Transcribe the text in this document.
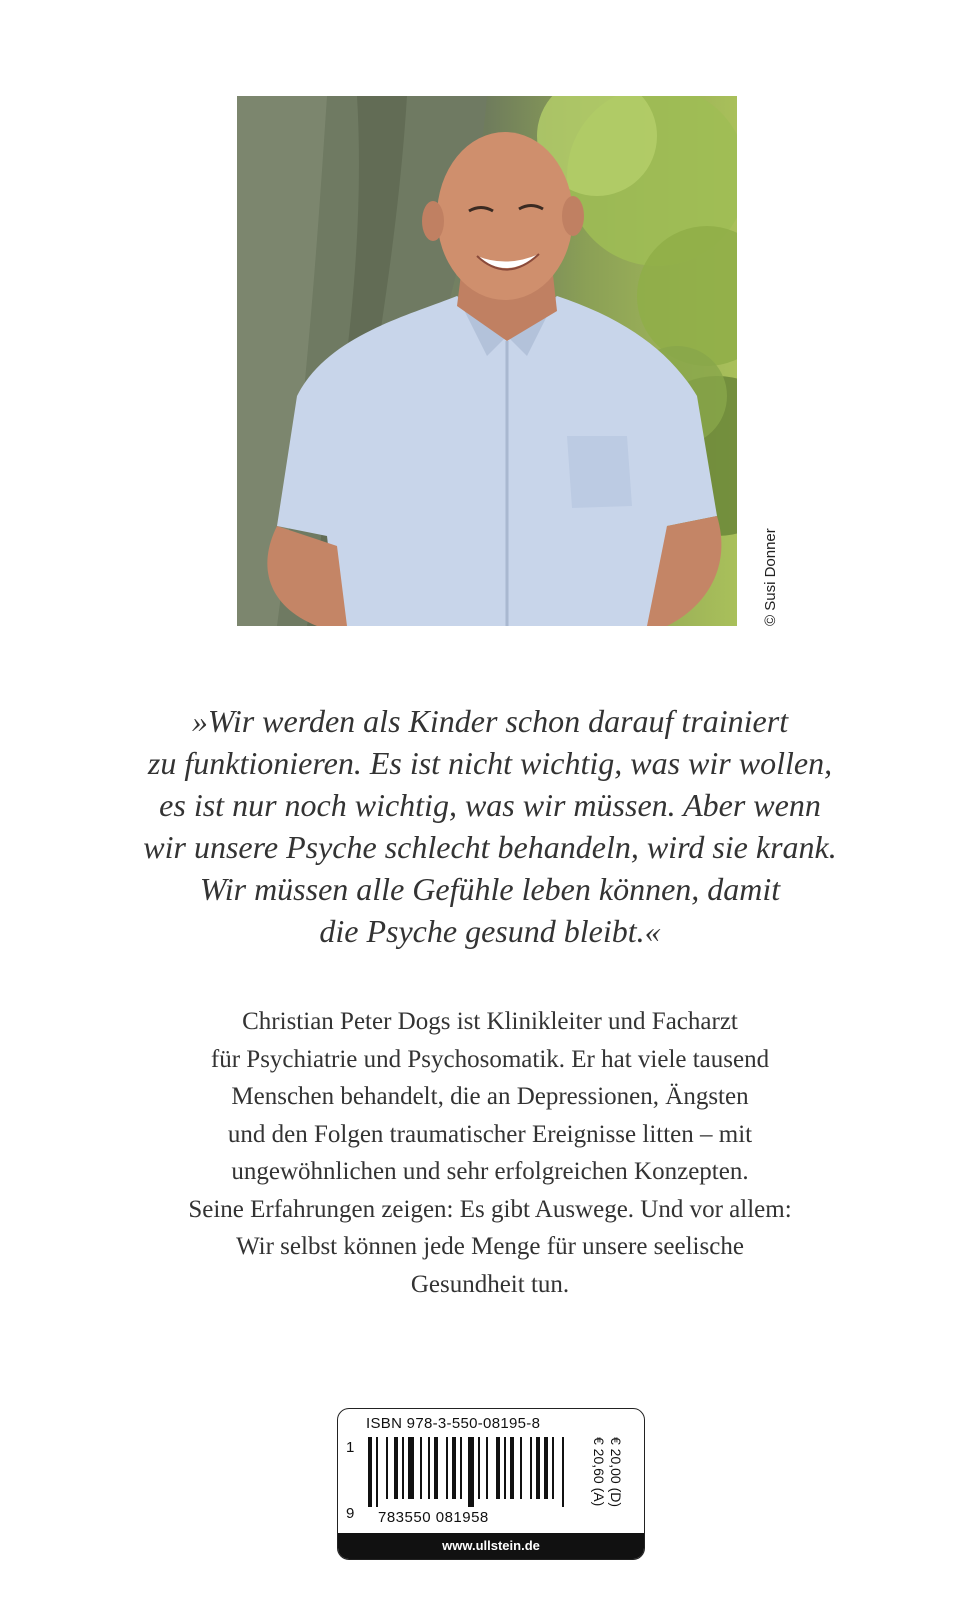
© Susi Donner
»Wir werden als Kinder schon darauf trainiert
zu funktionieren. Es ist nicht wichtig, was wir wollen,
es ist nur noch wichtig, was wir müssen. Aber wenn
wir unsere Psyche schlecht behandeln, wird sie krank.
Wir müssen alle Gefühle leben können, damit
die Psyche gesund bleibt.«
Christian Peter Dogs ist Klinikleiter und Facharzt
für Psychiatrie und Psychosomatik. Er hat viele tausend
Menschen behandelt, die an Depressionen, Ängsten
und den Folgen traumatischer Ereignisse litten – mit
ungewöhnlichen und sehr erfolgreichen Konzepten.
Seine Erfahrungen zeigen: Es gibt Auswege. Und vor allem:
Wir selbst können jede Menge für unsere seelische
Gesundheit tun.
ISBN 978-3-550-08195-8
1
9 783550 081958
€ 20,00 (D)
€ 20,60 (A)
www.ullstein.de
